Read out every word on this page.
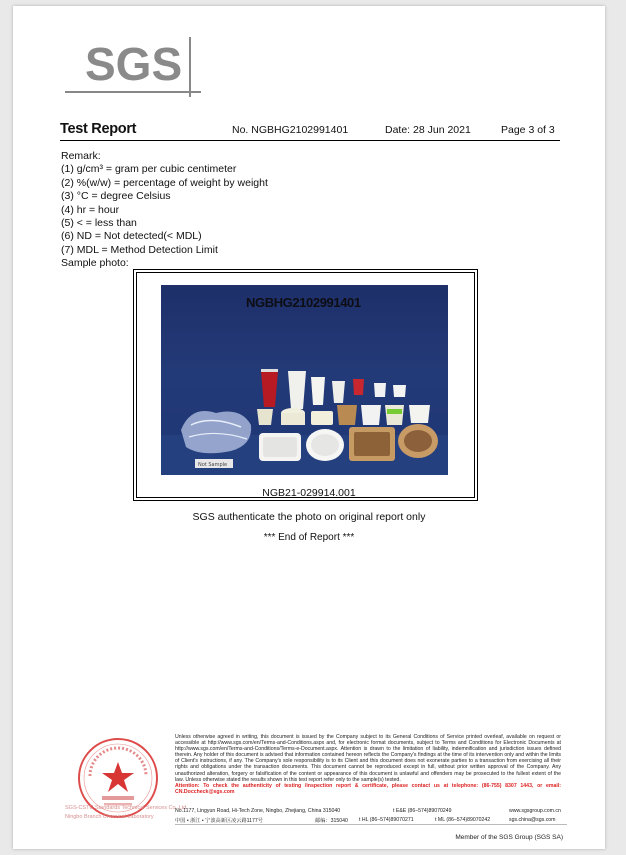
SGS
Test Report	No. NGBHG2102991401	Date: 28 Jun 2021	Page 3 of 3
Remark:
(1) g/cm³ = gram per cubic centimeter
(2) %(w/w) = percentage of weight by weight
(3) °C = degree Celsius
(4) hr = hour
(5) < = less than
(6) ND = Not detected(< MDL)
(7) MDL = Method Detection Limit
Sample photo:
Not Sample
NGBHG2102991401
NGB21-029914.001
SGS authenticate the photo on original report only
*** End of Report ***
SGS-CSTC Standards Technical Services Co.,Ltd.
Ningbo Branch Chemical Laboratory
Unless otherwise agreed in writing, this document is issued by the Company subject to its General Conditions of Service printed overleaf, available on request or accessible at http://www.sgs.com/en/Terms-and-Conditions.aspx and, for electronic format documents, subject to Terms and Conditions for Electronic Documents at http://www.sgs.com/en/Terms-and-Conditions/Terms-e-Document.aspx. Attention is drawn to the limitation of liability, indemnification and jurisdiction issues defined therein. Any holder of this document is advised that information contained hereon reflects the Company's findings at the time of its intervention only and within the limits of Client's instructions, if any. The Company's sole responsibility is to its Client and this document does not exonerate parties to a transaction from exercising all their rights and obligations under the transaction documents. This document cannot be reproduced except in full, without prior written approval of the Company. Any unauthorized alteration, forgery or falsification of the content or appearance of this document is unlawful and offenders may be prosecuted to the fullest extent of the law. Unless otherwise stated the results shown in this test report refer only to the sample(s) tested.
Attention: To check the authenticity of testing /inspection report & certificate, please contact us at telephone: (86-755) 8307 1443, or email: CN.Doccheck@sgs.com
No.1177, Lingyun Road, Hi-Tech Zone, Ningbo, Zhejiang, China 315040	t E&E (86–574)89070249	www.sgsgroup.com.cn
中国 • 浙江 • 宁波高新区凌云路1177号	邮编：315040 t HL (86–574)89070271	t ML (86–574)89070242	sgs.china@sgs.com
Member of the SGS Group (SGS SA)
